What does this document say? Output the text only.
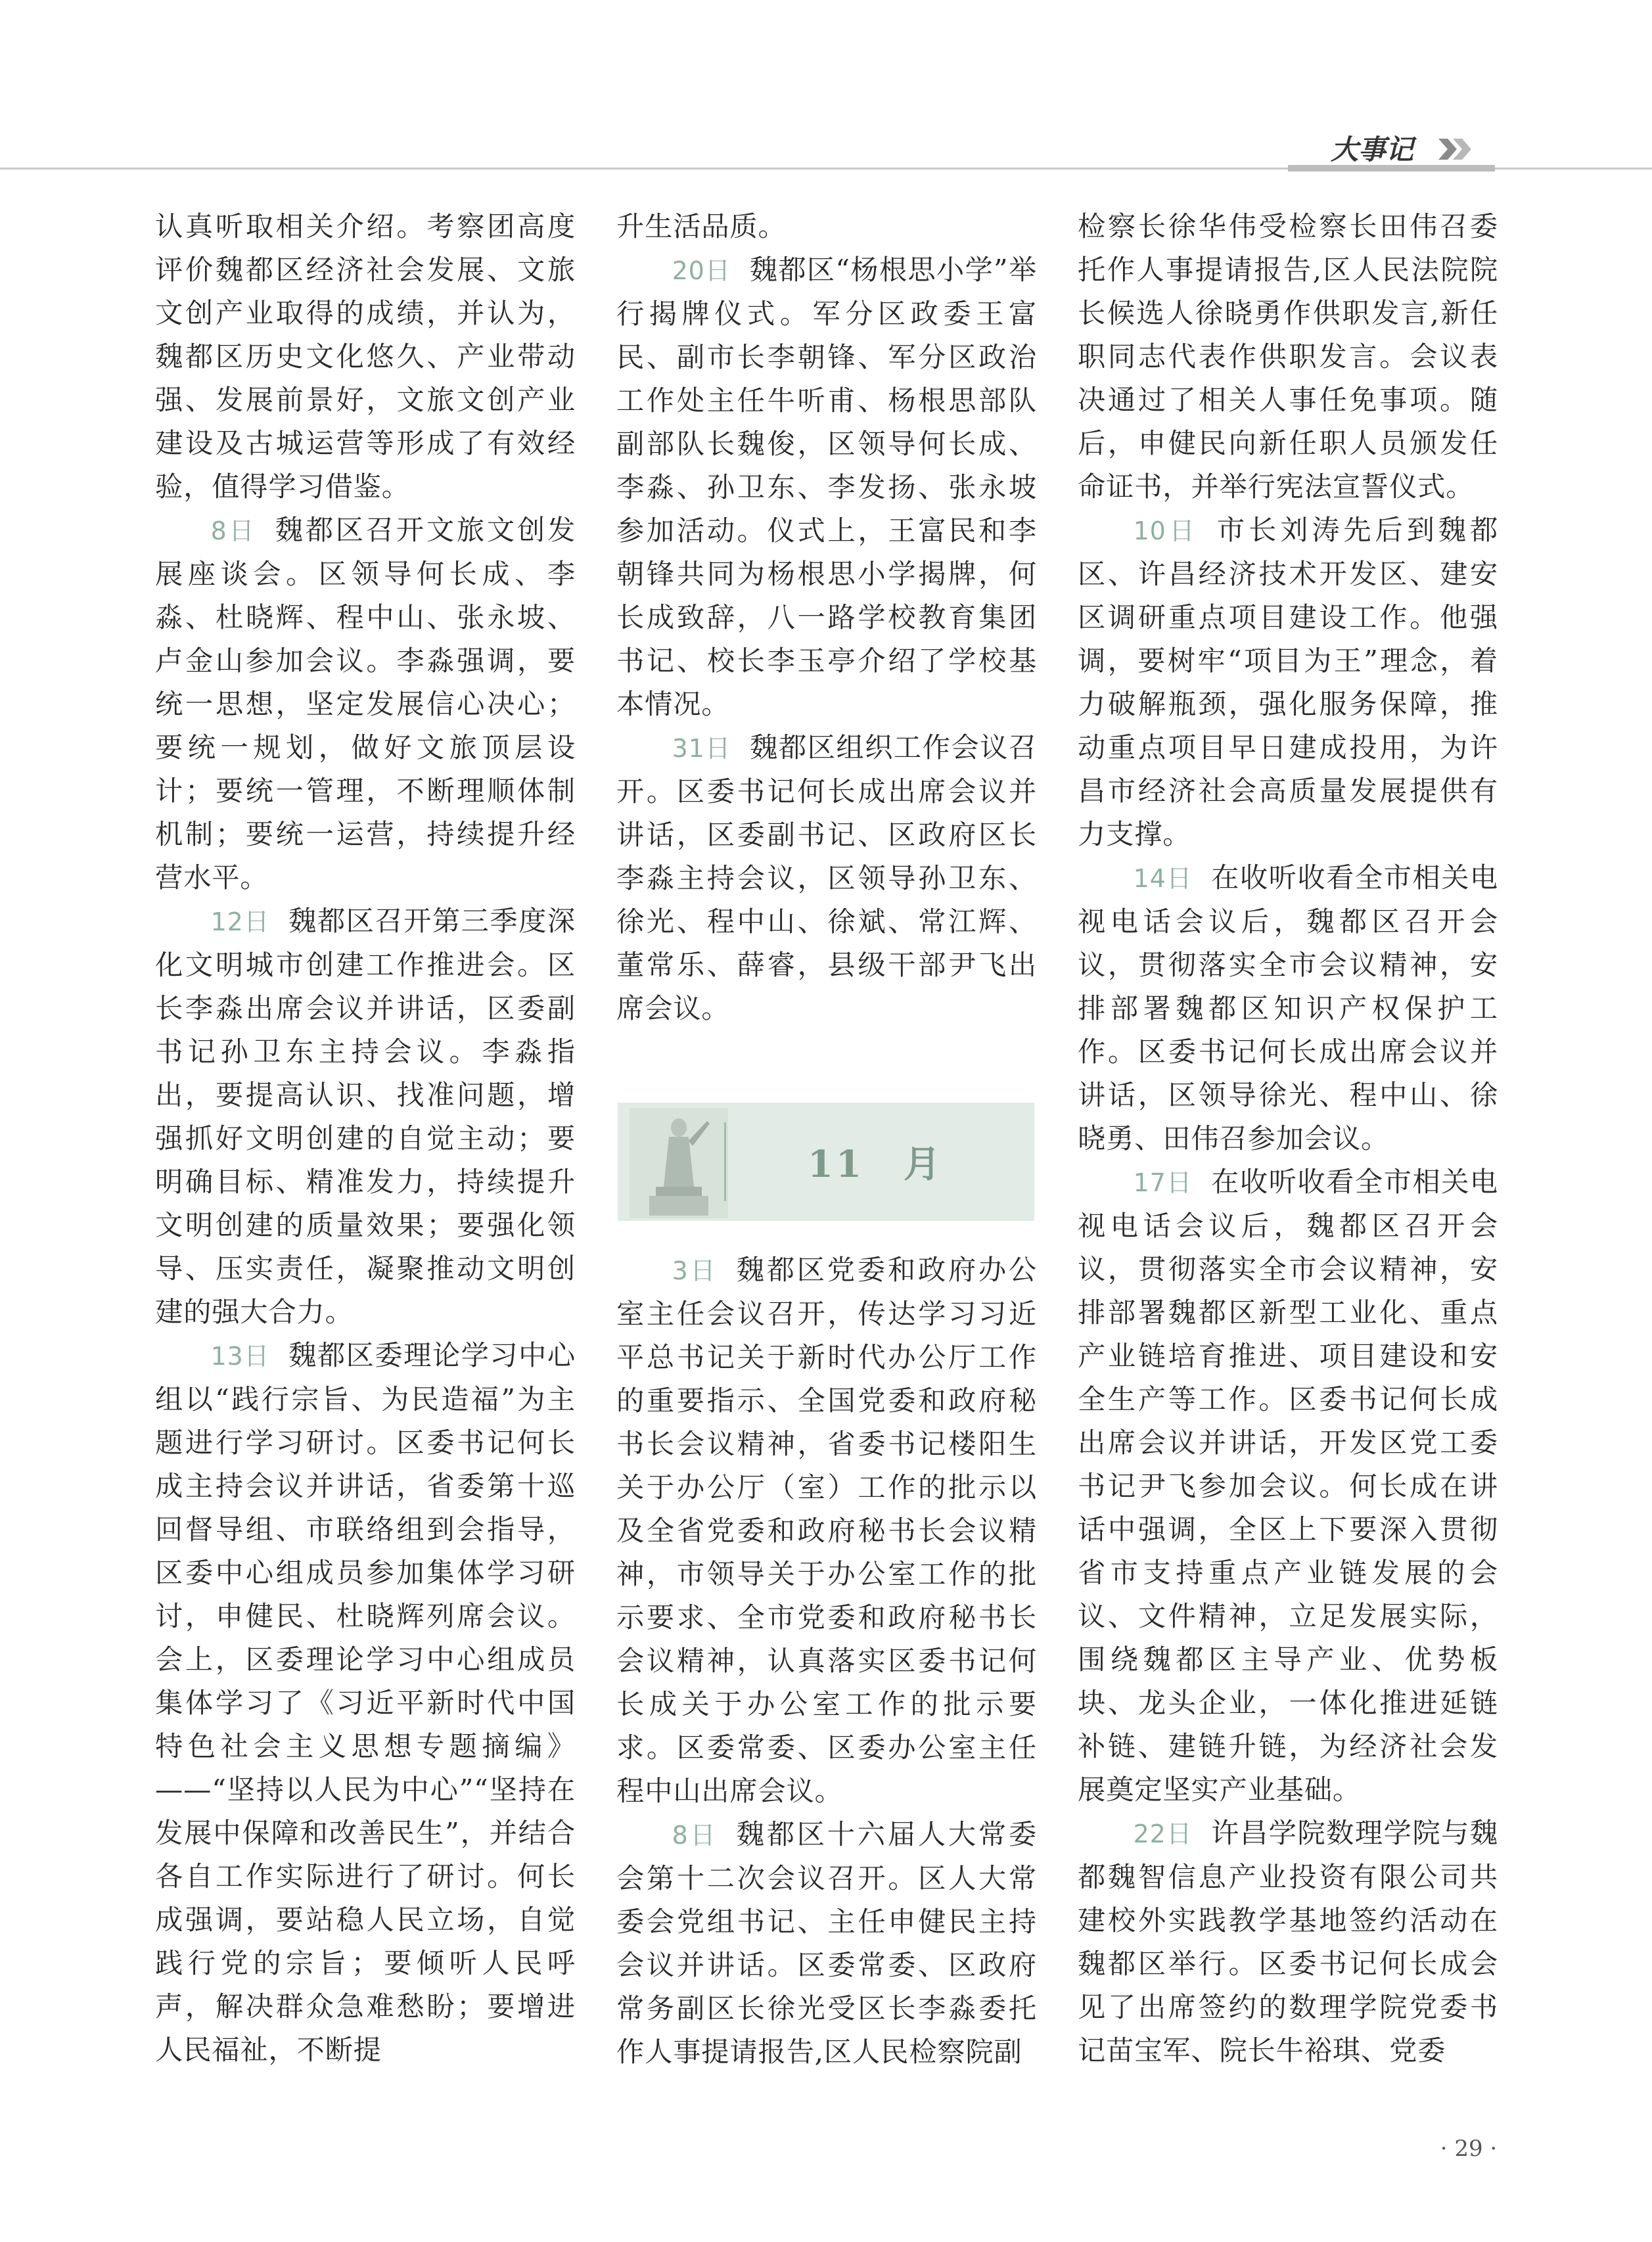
大事记

认真听取相关介绍。考察团高度评价魏都区经济社会发展、文旅文创产业取得的成绩，并认为，魏都区历史文化悠久、产业带动强、发展前景好，文旅文创产业建设及古城运营等形成了有效经验，值得学习借鉴。

8日 魏都区召开文旅文创发展座谈会。区领导何长成、李淼、杜晓辉、程中山、张永坡、卢金山参加会议。李淼强调，要统一思想，坚定发展信心决心；要统一规划，做好文旅顶层设计；要统一管理，不断理顺体制机制；要统一运营，持续提升经营水平。

12日 魏都区召开第三季度深化文明城市创建工作推进会。区长李淼出席会议并讲话，区委副书记孙卫东主持会议。李淼指出，要提高认识、找准问题，增强抓好文明创建的自觉主动；要明确目标、精准发力，持续提升文明创建的质量效果；要强化领导、压实责任，凝聚推动文明创建的强大合力。

13日 魏都区委理论学习中心组以“践行宗旨、为民造福”为主题进行学习研讨。区委书记何长成主持会议并讲话，省委第十巡回督导组、市联络组到会指导，区委中心组成员参加集体学习研讨，申健民、杜晓辉列席会议。会上，区委理论学习中心组成员集体学习了《习近平新时代中国特色社会主义思想专题摘编》——“坚持以人民为中心”“坚持在发展中保障和改善民生”，并结合各自工作实际进行了研讨。何长成强调，要站稳人民立场，自觉践行党的宗旨；要倾听人民呼声，解决群众急难愁盼；要增进人民福祉，不断提

升生活品质。

20日 魏都区“杨根思小学”举行揭牌仪式。军分区政委王富民、副市长李朝锋、军分区政治工作处主任牛听甫、杨根思部队副部队长魏俊，区领导何长成、李淼、孙卫东、李发扬、张永坡参加活动。仪式上，王富民和李朝锋共同为杨根思小学揭牌，何长成致辞，八一路学校教育集团书记、校长李玉亭介绍了学校基本情况。

31日 魏都区组织工作会议召开。区委书记何长成出席会议并讲话，区委副书记、区政府区长李淼主持会议，区领导孙卫东、徐光、程中山、徐斌、常江辉、董常乐、薛睿，县级干部尹飞出席会议。

11　月

3日 魏都区党委和政府办公室主任会议召开，传达学习习近平总书记关于新时代办公厅工作的重要指示、全国党委和政府秘书长会议精神，省委书记楼阳生关于办公厅（室）工作的批示以及全省党委和政府秘书长会议精神，市领导关于办公室工作的批示要求、全市党委和政府秘书长会议精神，认真落实区委书记何长成关于办公室工作的批示要求。区委常委、区委办公室主任程中山出席会议。

8日 魏都区十六届人大常委会第十二次会议召开。区人大常委会党组书记、主任申健民主持会议并讲话。区委常委、区政府常务副区长徐光受区长李淼委托作人事提请报告,区人民检察院副

检察长徐华伟受检察长田伟召委托作人事提请报告,区人民法院院长候选人徐晓勇作供职发言,新任职同志代表作供职发言。会议表决通过了相关人事任免事项。随后，申健民向新任职人员颁发任命证书，并举行宪法宣誓仪式。

10日 市长刘涛先后到魏都区、许昌经济技术开发区、建安区调研重点项目建设工作。他强调，要树牢“项目为王”理念，着力破解瓶颈，强化服务保障，推动重点项目早日建成投用，为许昌市经济社会高质量发展提供有力支撑。

14日 在收听收看全市相关电视电话会议后，魏都区召开会议，贯彻落实全市会议精神，安排部署魏都区知识产权保护工作。区委书记何长成出席会议并讲话，区领导徐光、程中山、徐晓勇、田伟召参加会议。

17日 在收听收看全市相关电视电话会议后，魏都区召开会议，贯彻落实全市会议精神，安排部署魏都区新型工业化、重点产业链培育推进、项目建设和安全生产等工作。区委书记何长成出席会议并讲话，开发区党工委书记尹飞参加会议。何长成在讲话中强调，全区上下要深入贯彻省市支持重点产业链发展的会议、文件精神，立足发展实际，围绕魏都区主导产业、优势板块、龙头企业，一体化推进延链补链、建链升链，为经济社会发展奠定坚实产业基础。

22日 许昌学院数理学院与魏都魏智信息产业投资有限公司共建校外实践教学基地签约活动在魏都区举行。区委书记何长成会见了出席签约的数理学院党委书记苗宝军、院长牛裕琪、党委

· 29 ·
